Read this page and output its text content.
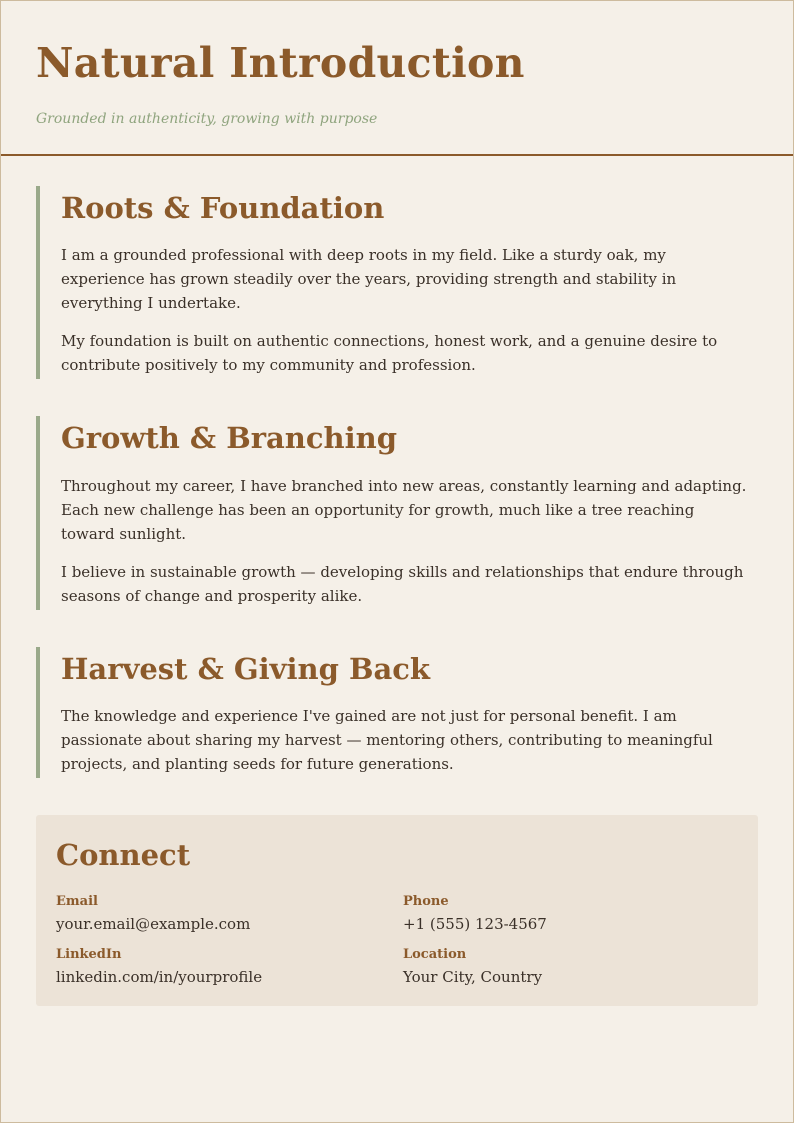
Natural Introduction
Grounded in authenticity, growing with purpose
Roots & Foundation

I am a grounded professional with deep roots in my field. Like a sturdy oak, my experience has grown steadily over the years, providing strength and stability in everything I undertake.

My foundation is built on authentic connections, honest work, and a genuine desire to contribute positively to my community and profession.

Growth & Branching

Throughout my career, I have branched into new areas, constantly learning and adapting. Each new challenge has been an opportunity for growth, much like a tree reaching toward sunlight.

I believe in sustainable growth — developing skills and relationships that endure through seasons of change and prosperity alike.

Harvest & Giving Back

The knowledge and experience I've gained are not just for personal benefit. I am passionate about sharing my harvest — mentoring others, contributing to meaningful projects, and planting seeds for future generations.

Connect
Email
your.email@example.com
Phone
+1 (555) 123-4567
LinkedIn
linkedin.com/in/yourprofile
Location
Your City, Country
